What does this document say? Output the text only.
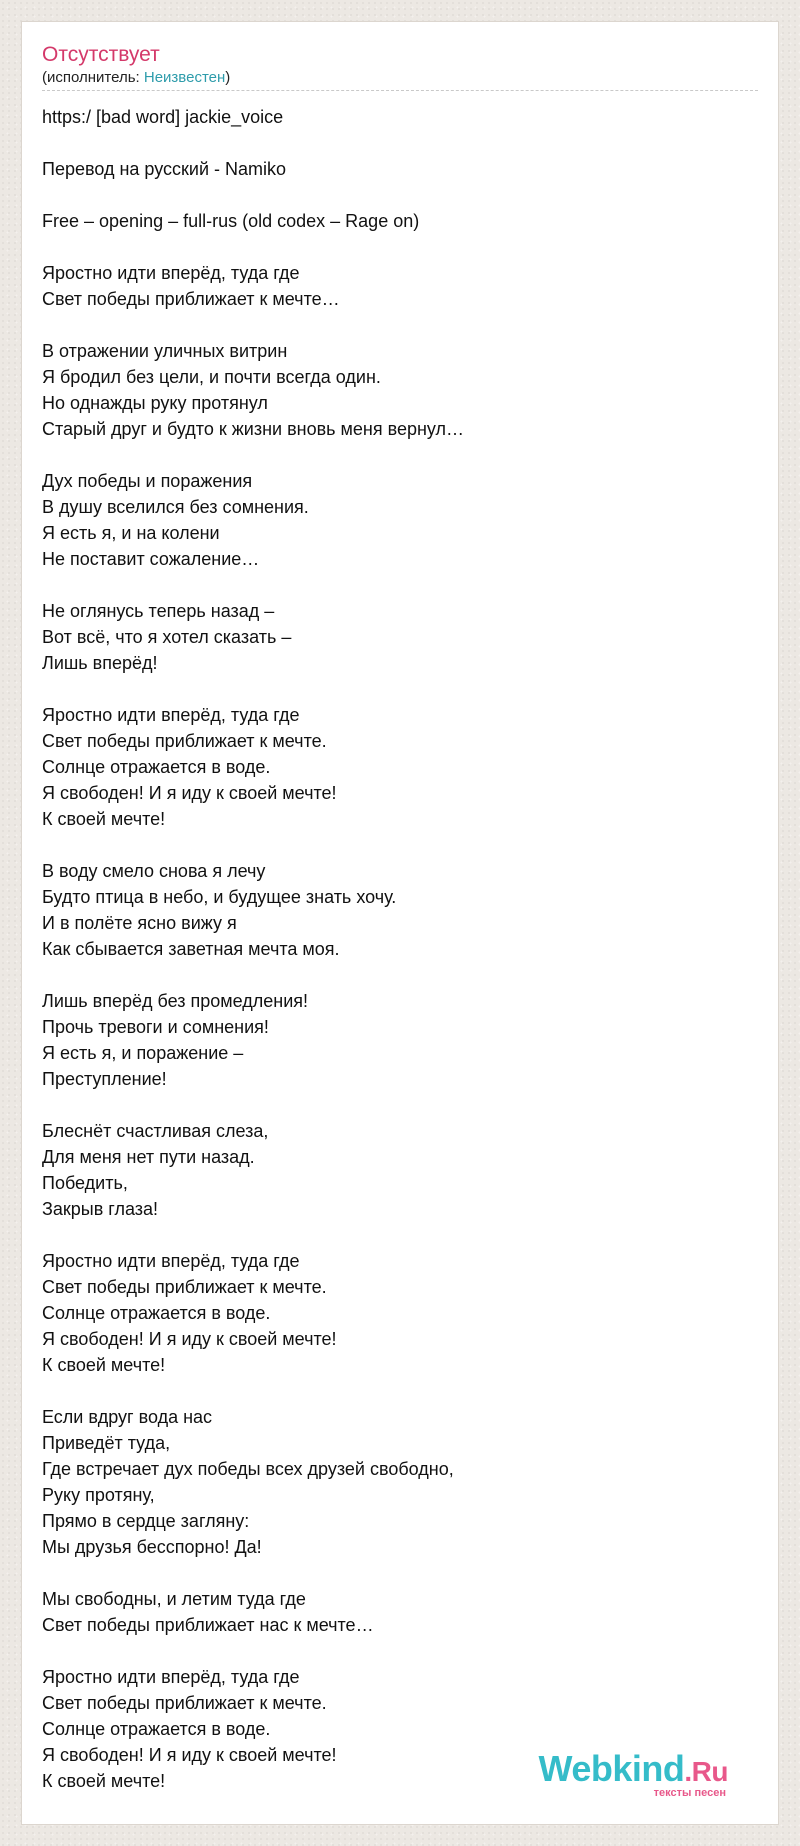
Отсутствует
(исполнитель: Неизвестен)
https:/ [bad word] jackie_voice
Перевод на русский - Namiko
Free – opening – full-rus (old codex – Rage on)
Яростно идти вперёд, туда где
Свет победы приближает к мечте…
В отражении уличных витрин
Я бродил без цели, и почти всегда один.
Но однажды руку протянул
Старый друг и будто к жизни вновь меня вернул…
Дух победы и поражения
В душу вселился без сомнения.
Я есть я, и на колени
Не поставит сожаление…
Не оглянусь теперь назад –
Вот всё, что я хотел сказать –
Лишь вперёд!
Яростно идти вперёд, туда где
Свет победы приближает к мечте.
Солнце отражается в воде.
Я свободен! И я иду к своей мечте!
К своей мечте!
В воду смело снова я лечу
Будто птица в небо, и будущее знать хочу.
И в полёте ясно вижу я
Как сбывается заветная мечта моя.
Лишь вперёд без промедления!
Прочь тревоги и сомнения!
Я есть я, и поражение –
Преступление!
Блеснёт счастливая слеза,
Для меня нет пути назад.
Победить,
Закрыв глаза!
Яростно идти вперёд, туда где
Свет победы приближает к мечте.
Солнце отражается в воде.
Я свободен! И я иду к своей мечте!
К своей мечте!
Если вдруг вода нас
Приведёт туда,
Где встречает дух победы всех друзей свободно,
Руку протяну,
Прямо в сердце загляну:
Мы друзья бесспорно! Да!
Мы свободны, и летим туда где
Свет победы приближает нас к мечте…
Яростно идти вперёд, туда где
Свет победы приближает к мечте.
Солнце отражается в воде.
Я свободен! И я иду к своей мечте!
К своей мечте!	Webkind.Ru
тексты песен
